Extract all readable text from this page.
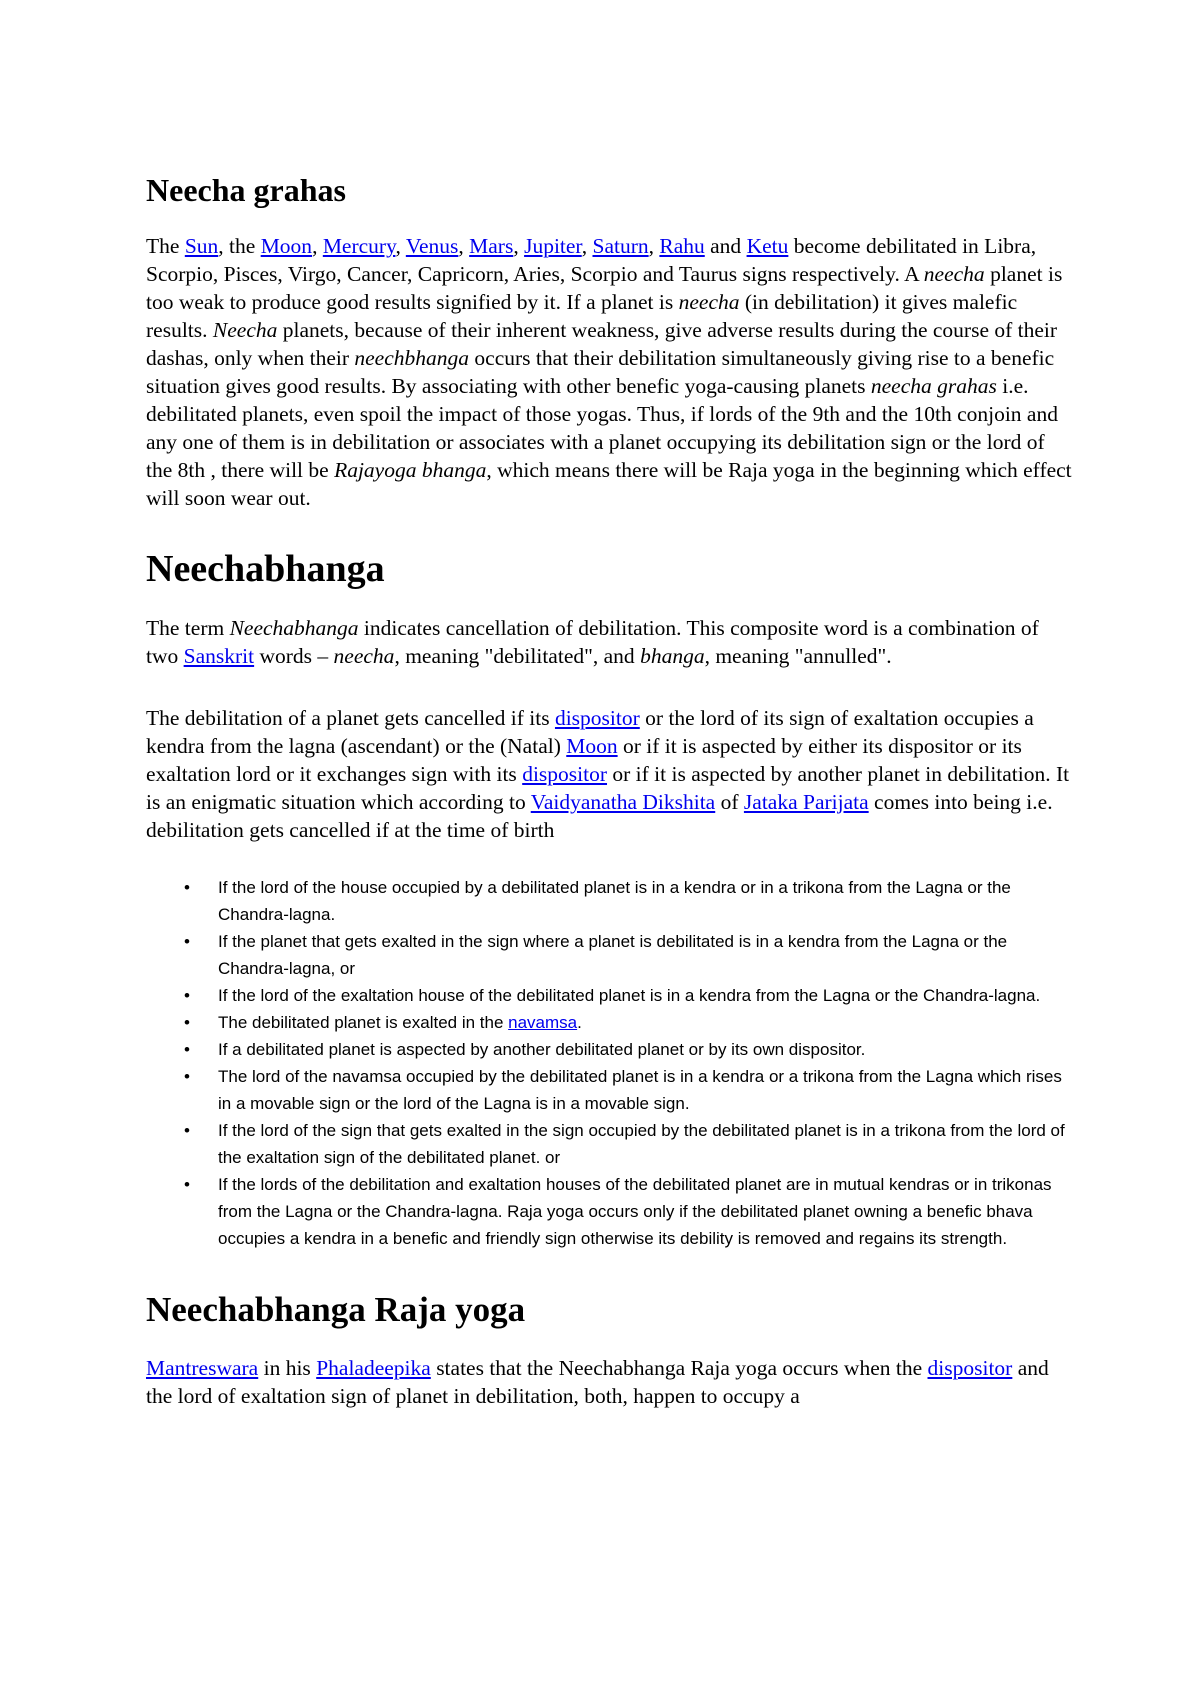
Neecha grahas

The Sun, the Moon, Mercury, Venus, Mars, Jupiter, Saturn, Rahu and Ketu become debilitated in Libra, Scorpio, Pisces, Virgo, Cancer, Capricorn, Aries, Scorpio and Taurus signs respectively. A neecha planet is too weak to produce good results signified by it. If a planet is neecha (in debilitation) it gives malefic results. Neecha planets, because of their inherent weakness, give adverse results during the course of their dashas, only when their neechbhanga occurs that their debilitation simultaneously giving rise to a benefic situation gives good results. By associating with other benefic yoga-causing planets neecha grahas i.e. debilitated planets, even spoil the impact of those yogas. Thus, if lords of the 9th and the 10th conjoin and any one of them is in debilitation or associates with a planet occupying its debilitation sign or the lord of the 8th , there will be Rajayoga bhanga, which means there will be Raja yoga in the beginning which effect will soon wear out.

Neechabhanga

The term Neechabhanga indicates cancellation of debilitation. This composite word is a combination of two Sanskrit words – neecha, meaning "debilitated", and bhanga, meaning "annulled".

The debilitation of a planet gets cancelled if its dispositor or the lord of its sign of exaltation occupies a kendra from the lagna (ascendant) or the (Natal) Moon or if it is aspected by either its dispositor or its exaltation lord or it exchanges sign with its dispositor or if it is aspected by another planet in debilitation. It is an enigmatic situation which according to Vaidyanatha Dikshita of Jataka Parijata comes into being i.e. debilitation gets cancelled if at the time of birth

• If the lord of the house occupied by a debilitated planet is in a kendra or in a trikona from the Lagna or the Chandra-lagna.
• If the planet that gets exalted in the sign where a planet is debilitated is in a kendra from the Lagna or the Chandra-lagna, or
• If the lord of the exaltation house of the debilitated planet is in a kendra from the Lagna or the Chandra-lagna.
• The debilitated planet is exalted in the navamsa.
• If a debilitated planet is aspected by another debilitated planet or by its own dispositor.
• The lord of the navamsa occupied by the debilitated planet is in a kendra or a trikona from the Lagna which rises in a movable sign or the lord of the Lagna is in a movable sign.
• If the lord of the sign that gets exalted in the sign occupied by the debilitated planet is in a trikona from the lord of the exaltation sign of the debilitated planet. or
• If the lords of the debilitation and exaltation houses of the debilitated planet are in mutual kendras or in trikonas from the Lagna or the Chandra-lagna. Raja yoga occurs only if the debilitated planet owning a benefic bhava occupies a kendra in a benefic and friendly sign otherwise its debility is removed and regains its strength.
Neechabhanga Raja yoga

Mantreswara in his Phaladeepika states that the Neechabhanga Raja yoga occurs when the dispositor and the lord of exaltation sign of planet in debilitation, both, happen to occupy a
